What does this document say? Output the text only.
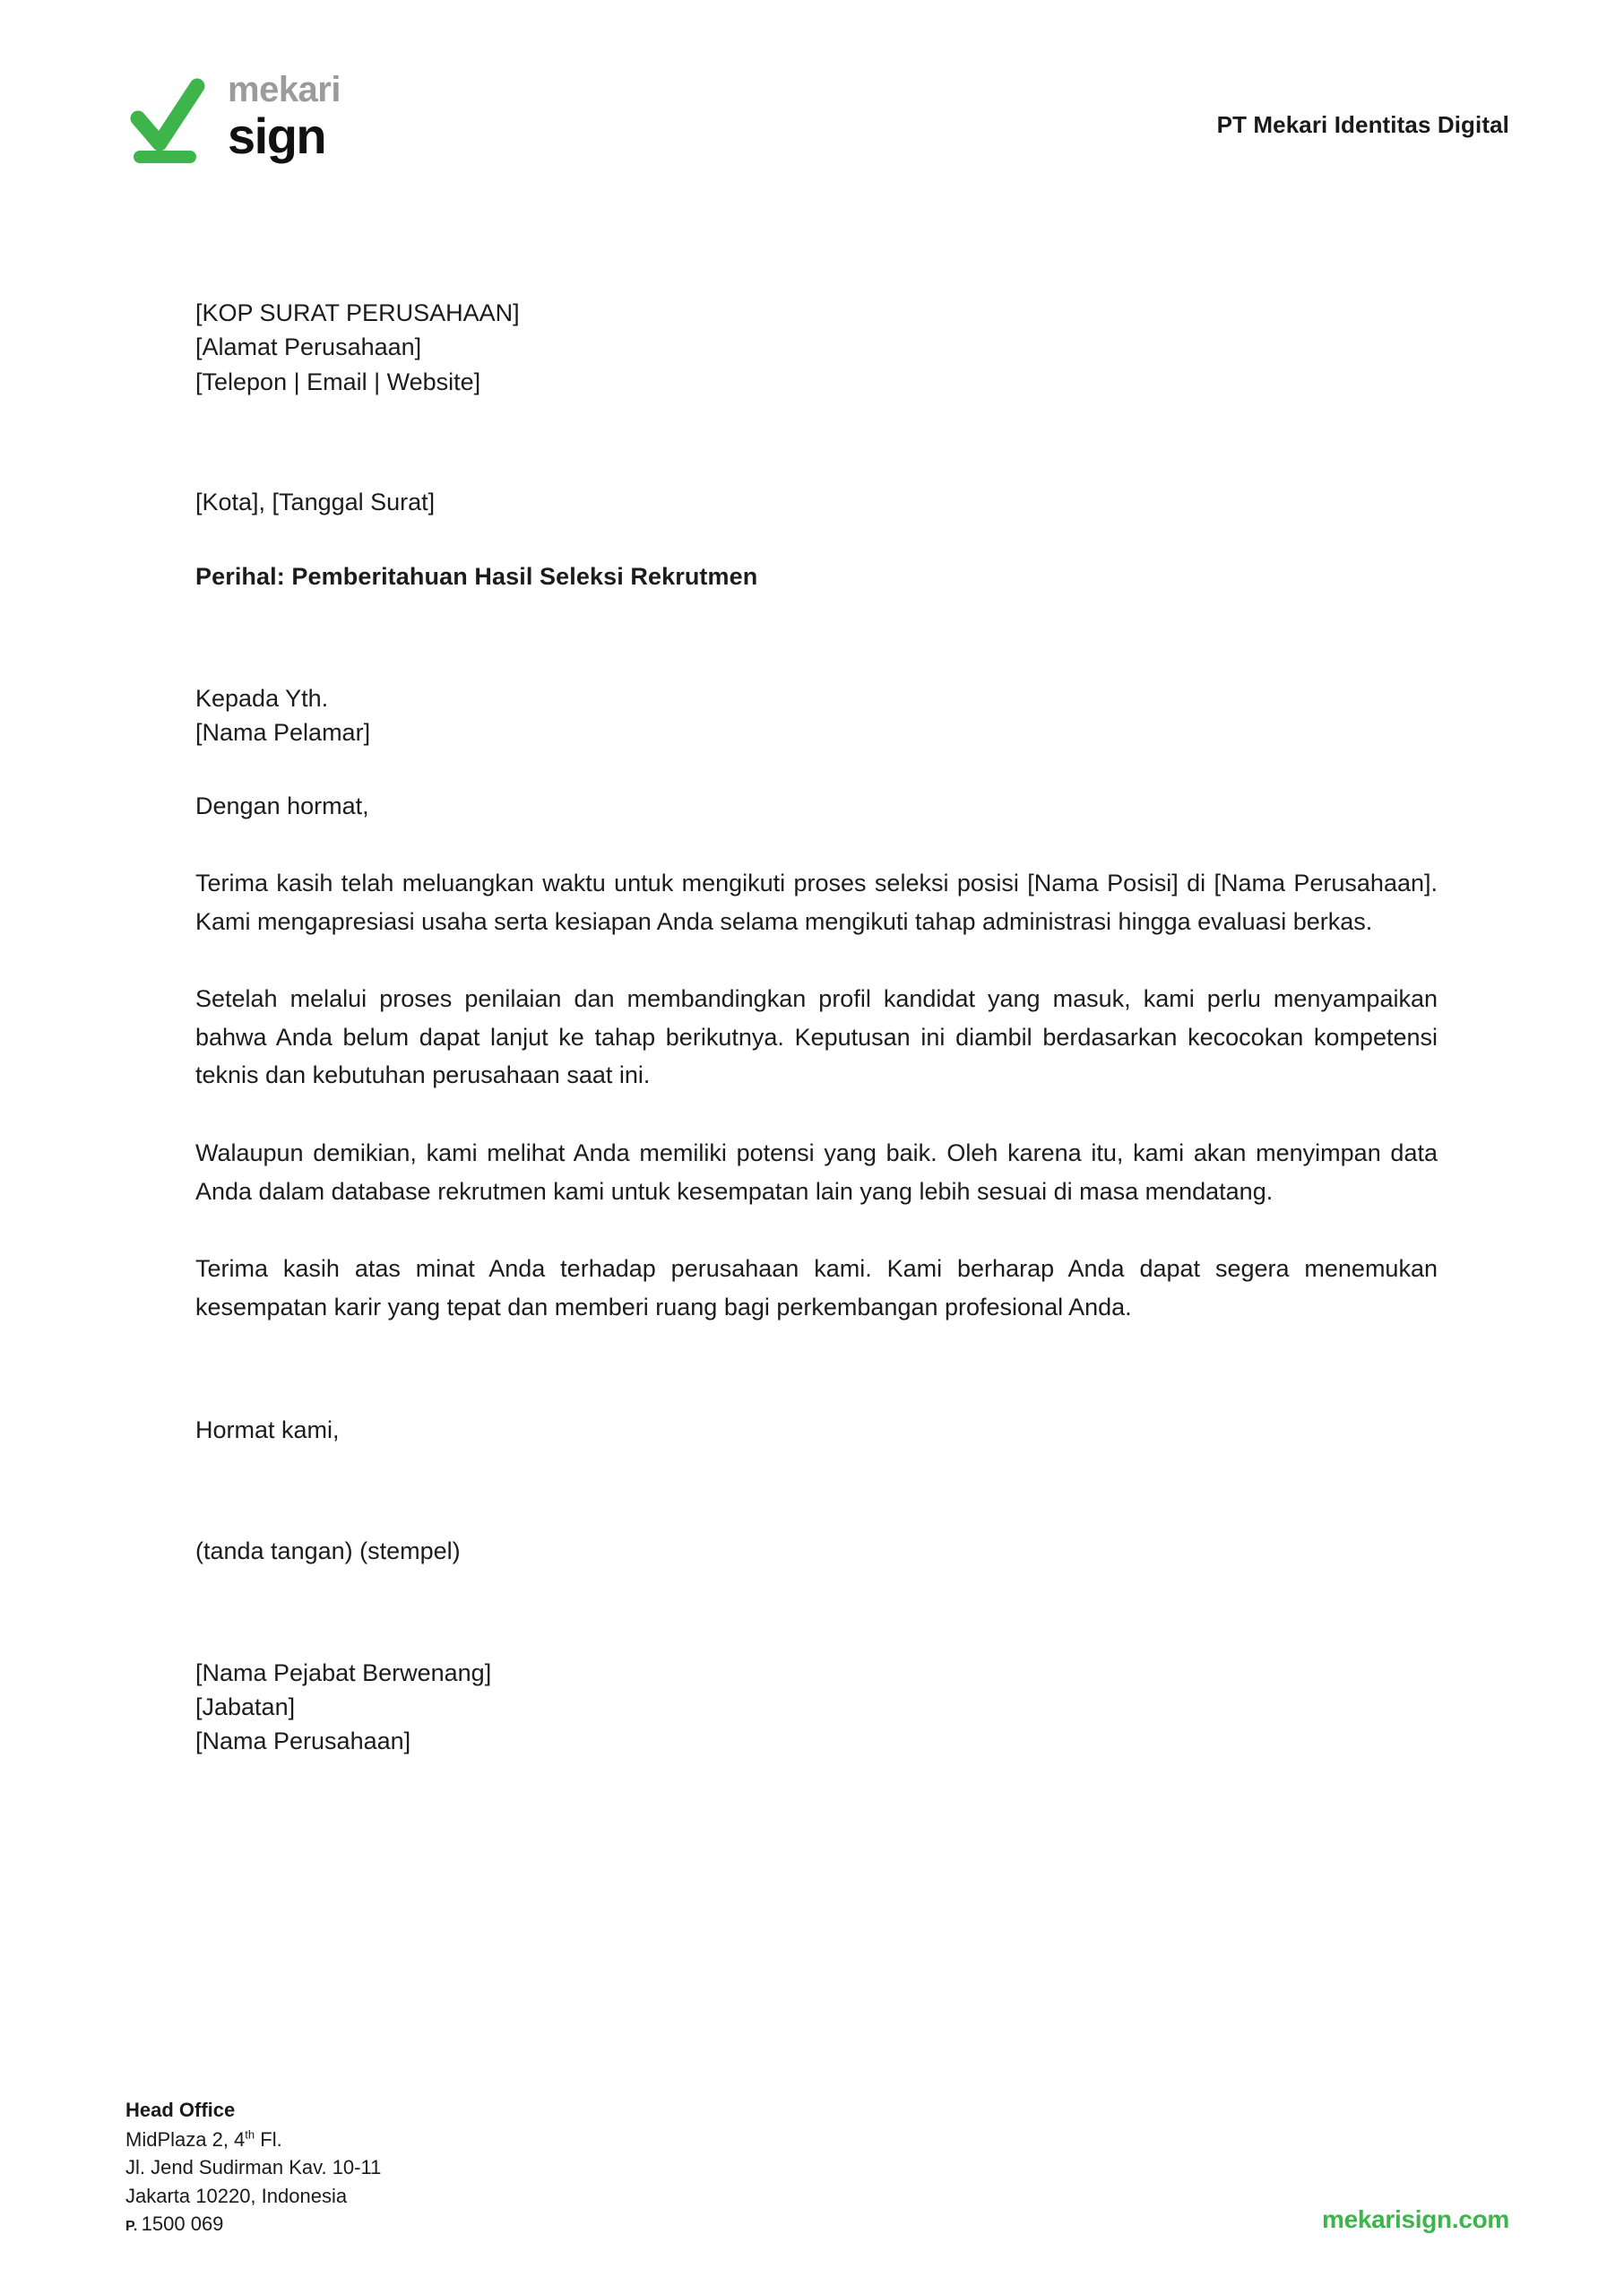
mekari
sign	PT Mekari Identitas Digital
[KOP SURAT PERUSAHAAN]
[Alamat Perusahaan]
[Telepon | Email | Website]
[Kota], [Tanggal Surat]
Perihal: Pemberitahuan Hasil Seleksi Rekrutmen
Kepada Yth.
[Nama Pelamar]
Dengan hormat,

Terima kasih telah meluangkan waktu untuk mengikuti proses seleksi posisi [Nama Posisi] di [Nama Perusahaan]. Kami mengapresiasi usaha serta kesiapan Anda selama mengikuti tahap administrasi hingga evaluasi berkas.

Setelah melalui proses penilaian dan membandingkan profil kandidat yang masuk, kami perlu menyampaikan bahwa Anda belum dapat lanjut ke tahap berikutnya. Keputusan ini diambil berdasarkan kecocokan kompetensi teknis dan kebutuhan perusahaan saat ini.

Walaupun demikian, kami melihat Anda memiliki potensi yang baik. Oleh karena itu, kami akan menyimpan data Anda dalam database rekrutmen kami untuk kesempatan lain yang lebih sesuai di masa mendatang.

Terima kasih atas minat Anda terhadap perusahaan kami. Kami berharap Anda dapat segera menemukan kesempatan karir yang tepat dan memberi ruang bagi perkembangan profesional Anda.

Hormat kami,
(tanda tangan) (stempel)
[Nama Pejabat Berwenang]
[Jabatan]
[Nama Perusahaan]
Head Office
MidPlaza 2, 4th Fl.
Jl. Jend Sudirman Kav. 10-11
Jakarta 10220, Indonesia
P. 1500 069	mekarisign.com
